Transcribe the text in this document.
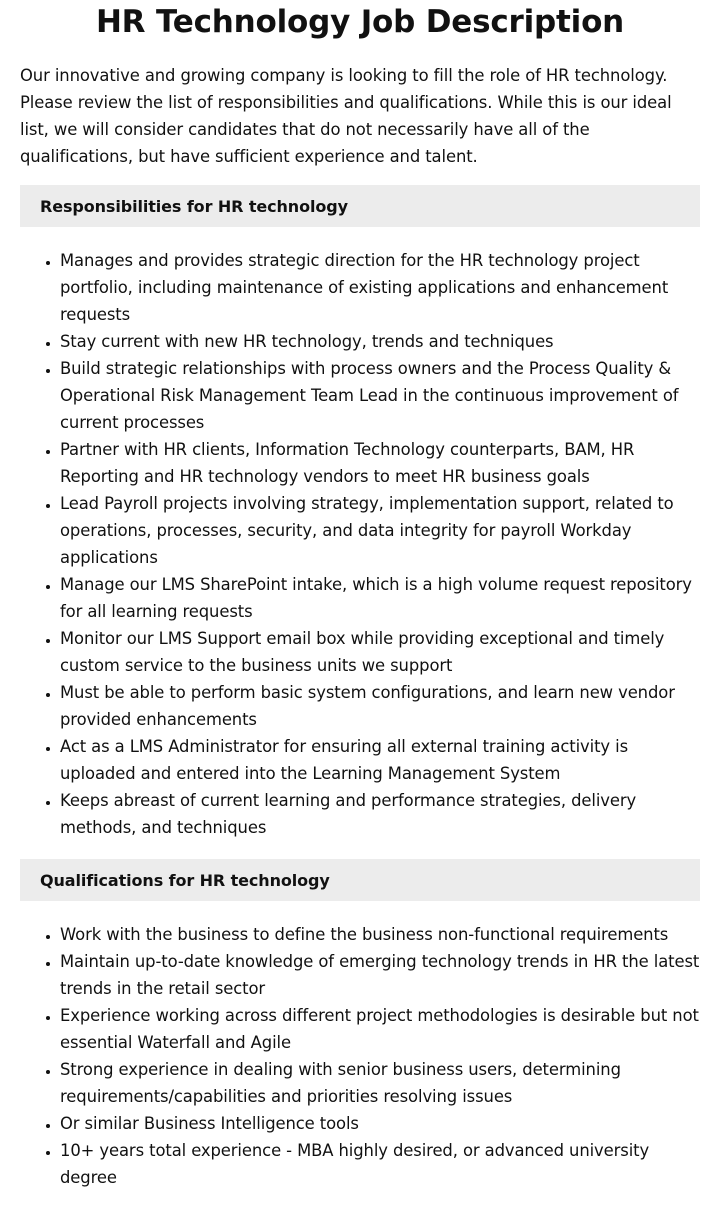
HR Technology Job Description

Our innovative and growing company is looking to fill the role of HR technology. Please review the list of responsibilities and qualifications. While this is our ideal list, we will consider candidates that do not necessarily have all of the qualifications, but have sufficient experience and talent.

Responsibilities for HR technology
• Manages and provides strategic direction for the HR technology project portfolio, including maintenance of existing applications and enhancement requests
• Stay current with new HR technology, trends and techniques
• Build strategic relationships with process owners and the Process Quality & Operational Risk Management Team Lead in the continuous improvement of current processes
• Partner with HR clients, Information Technology counterparts, BAM, HR Reporting and HR technology vendors to meet HR business goals
• Lead Payroll projects involving strategy, implementation support, related to operations, processes, security, and data integrity for payroll Workday applications
• Manage our LMS SharePoint intake, which is a high volume request repository for all learning requests
• Monitor our LMS Support email box while providing exceptional and timely custom service to the business units we support
• Must be able to perform basic system configurations, and learn new vendor provided enhancements
• Act as a LMS Administrator for ensuring all external training activity is uploaded and entered into the Learning Management System
• Keeps abreast of current learning and performance strategies, delivery methods, and techniques
Qualifications for HR technology
• Work with the business to define the business non-functional requirements
• Maintain up-to-date knowledge of emerging technology trends in HR the latest trends in the retail sector
• Experience working across different project methodologies is desirable but not essential Waterfall and Agile
• Strong experience in dealing with senior business users, determining requirements/capabilities and priorities resolving issues
• Or similar Business Intelligence tools
• 10+ years total experience - MBA highly desired, or advanced university degree
